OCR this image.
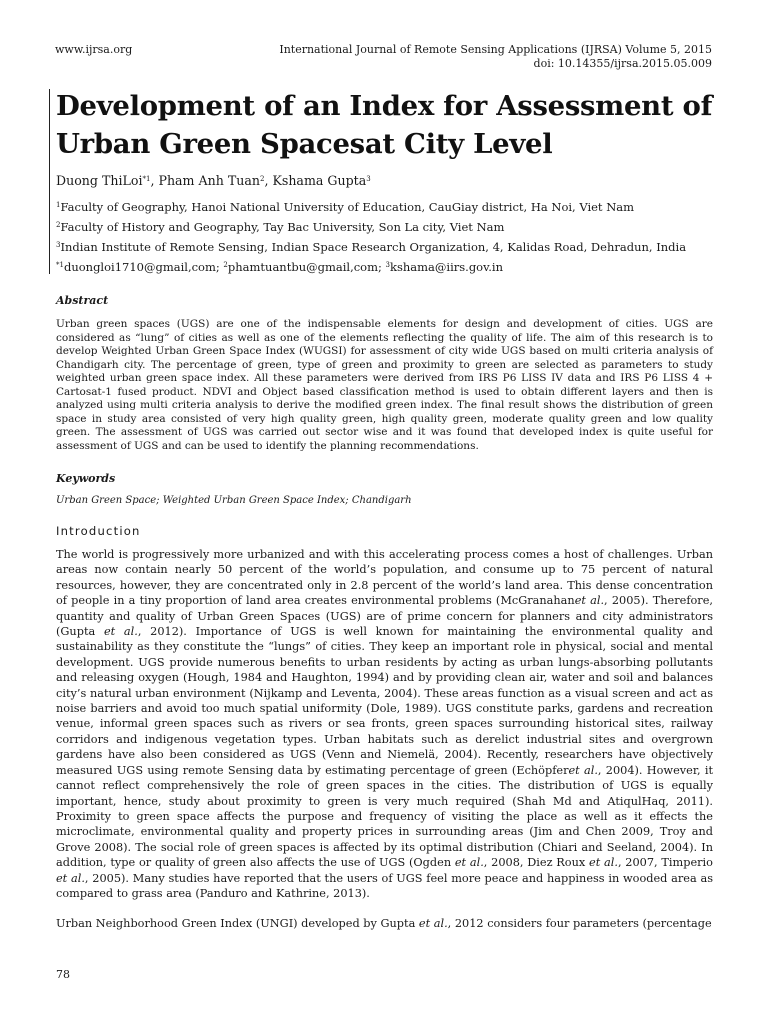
www.ijrsa.org	International Journal of Remote Sensing Applications (IJRSA) Volume 5, 2015
doi: 10.14355/ijrsa.2015.05.009
Development of an Index for Assessment of
Urban Green Spacesat City Level
Duong ThiLoi$^{*1}$, Pham Anh Tuan$^2$, Kshama Gupta$^3$
$^1$Faculty of Geography, Hanoi National University of Education, CauGiay district, Ha Noi, Viet Nam
$^2$Faculty of History and Geography, Tay Bac University, Son La city, Viet Nam
$^3$Indian Institute of Remote Sensing, Indian Space Research Organization, 4, Kalidas Road, Dehradun, India
$^{*1}$duongloi1710@gmail,com; $^2$phamtuantbu@gmail,com; $^3$kshama@iirs.gov.in
Abstract
Urban green spaces (UGS) are one of the indispensable elements for design and development of cities. UGS are considered as “lung” of cities as well as one of the elements reflecting the quality of life. The aim of this research is to develop Weighted Urban Green Space Index (WUGSI) for assessment of city wide UGS based on multi criteria analysis of Chandigarh city. The percentage of green, type of green and proximity to green are selected as parameters to study weighted urban green space index. All these parameters were derived from IRS P6 LISS IV data and IRS P6 LISS 4 + Cartosat-1 fused product. NDVI and Object based classification method is used to obtain different layers and then is analyzed using multi criteria analysis to derive the modified green index. The final result shows the distribution of green space in study area consisted of very high quality green, high quality green, moderate quality green and low quality green. The assessment of UGS was carried out sector wise and it was found that developed index is quite useful for assessment of UGS and can be used to identify the planning recommendations.
Keywords
Urban Green Space; Weighted Urban Green Space Index; Chandigarh
Introduction

The world is progressively more urbanized and with this accelerating process comes a host of challenges. Urban areas now contain nearly 50 percent of the world’s population, and consume up to 75 percent of natural resources, however, they are concentrated only in 2.8 percent of the world’s land area. This dense concentration of people in a tiny proportion of land area creates environmental problems (McGranahanet al., 2005). Therefore, quantity and quality of Urban Green Spaces (UGS) are of prime concern for planners and city administrators (Gupta et al., 2012). Importance of UGS is well known for maintaining the environmental quality and sustainability as they constitute the “lungs” of cities. They keep an important role in physical, social and mental development. UGS provide numerous benefits to urban residents by acting as urban lungs-absorbing pollutants and releasing oxygen (Hough, 1984 and Haughton, 1994) and by providing clean air, water and soil and balances city’s natural urban environment (Nijkamp and Leventa, 2004). These areas function as a visual screen and act as noise barriers and avoid too much spatial uniformity (Dole, 1989). UGS constitute parks, gardens and recreation venue, informal green spaces such as rivers or sea fronts, green spaces surrounding historical sites, railway corridors and indigenous vegetation types. Urban habitats such as derelict industrial sites and overgrown gardens have also been considered as UGS (Venn and Niemelä, 2004). Recently, researchers have objectively measured UGS using remote Sensing data by estimating percentage of green (Echöpferet al., 2004). However, it cannot reflect comprehensively the role of green spaces in the cities. The distribution of UGS is equally important, hence, study about proximity to green is very much required (Shah Md and AtiqulHaq, 2011). Proximity to green space affects the purpose and frequency of visiting the place as well as it effects the microclimate, environmental quality and property prices in surrounding areas (Jim and Chen 2009, Troy and Grove 2008). The social role of green spaces is affected by its optimal distribution (Chiari and Seeland, 2004). In addition, type or quality of green also affects the use of UGS (Ogden et al., 2008, Diez Roux et al., 2007, Timperio et al., 2005). Many studies have reported that the users of UGS feel more peace and happiness in wooded area as compared to grass area (Panduro and Kathrine, 2013).

Urban Neighborhood Green Index (UNGI) developed by Gupta et al., 2012 considers four parameters (percentage

78
